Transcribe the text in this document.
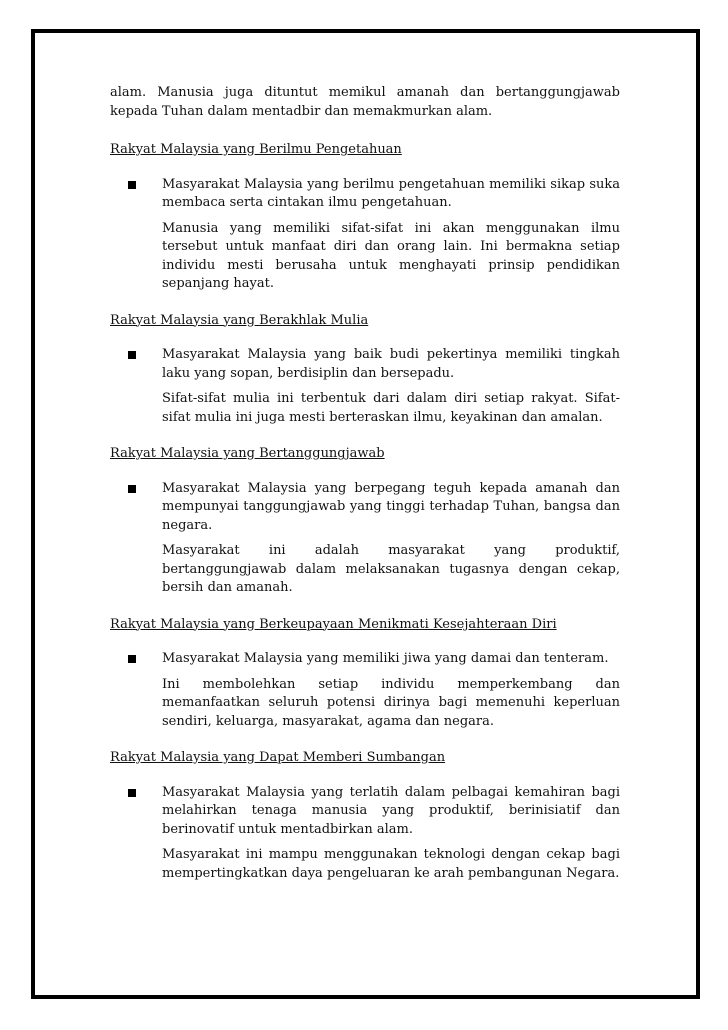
alam. Manusia juga dituntut memikul amanah dan bertanggungjawab kepada Tuhan dalam mentadbir dan memakmurkan alam.

Rakyat Malaysia yang Berilmu Pengetahuan

Masyarakat Malaysia yang berilmu pengetahuan memiliki sikap suka membaca serta cintakan ilmu pengetahuan.

Manusia yang memiliki sifat-sifat ini akan menggunakan ilmu tersebut untuk manfaat diri dan orang lain. Ini bermakna setiap individu mesti berusaha untuk menghayati prinsip pendidikan sepanjang hayat.

Rakyat Malaysia yang Berakhlak Mulia

Masyarakat Malaysia yang baik budi pekertinya memiliki tingkah laku yang sopan, berdisiplin dan bersepadu.

Sifat-sifat mulia ini terbentuk dari dalam diri setiap rakyat. Sifat-sifat mulia ini juga mesti berteraskan ilmu, keyakinan dan amalan.

Rakyat Malaysia yang Bertanggungjawab

Masyarakat Malaysia yang berpegang teguh kepada amanah dan mempunyai tanggungjawab yang tinggi terhadap Tuhan, bangsa dan negara.

Masyarakat ini adalah masyarakat yang produktif, bertanggungjawab dalam melaksanakan tugasnya dengan cekap, bersih dan amanah.

Rakyat Malaysia yang Berkeupayaan Menikmati Kesejahteraan Diri

Masyarakat Malaysia yang memiliki jiwa yang damai dan tenteram.

Ini membolehkan setiap individu memperkembang dan memanfaatkan seluruh potensi dirinya bagi memenuhi keperluan sendiri, keluarga, masyarakat, agama dan negara.

Rakyat Malaysia yang Dapat Memberi Sumbangan

Masyarakat Malaysia yang terlatih dalam pelbagai kemahiran bagi melahirkan tenaga manusia yang produktif, berinisiatif dan berinovatif untuk mentadbirkan alam.

Masyarakat ini mampu menggunakan teknologi dengan cekap bagi mempertingkatkan daya pengeluaran ke arah pembangunan Negara.
